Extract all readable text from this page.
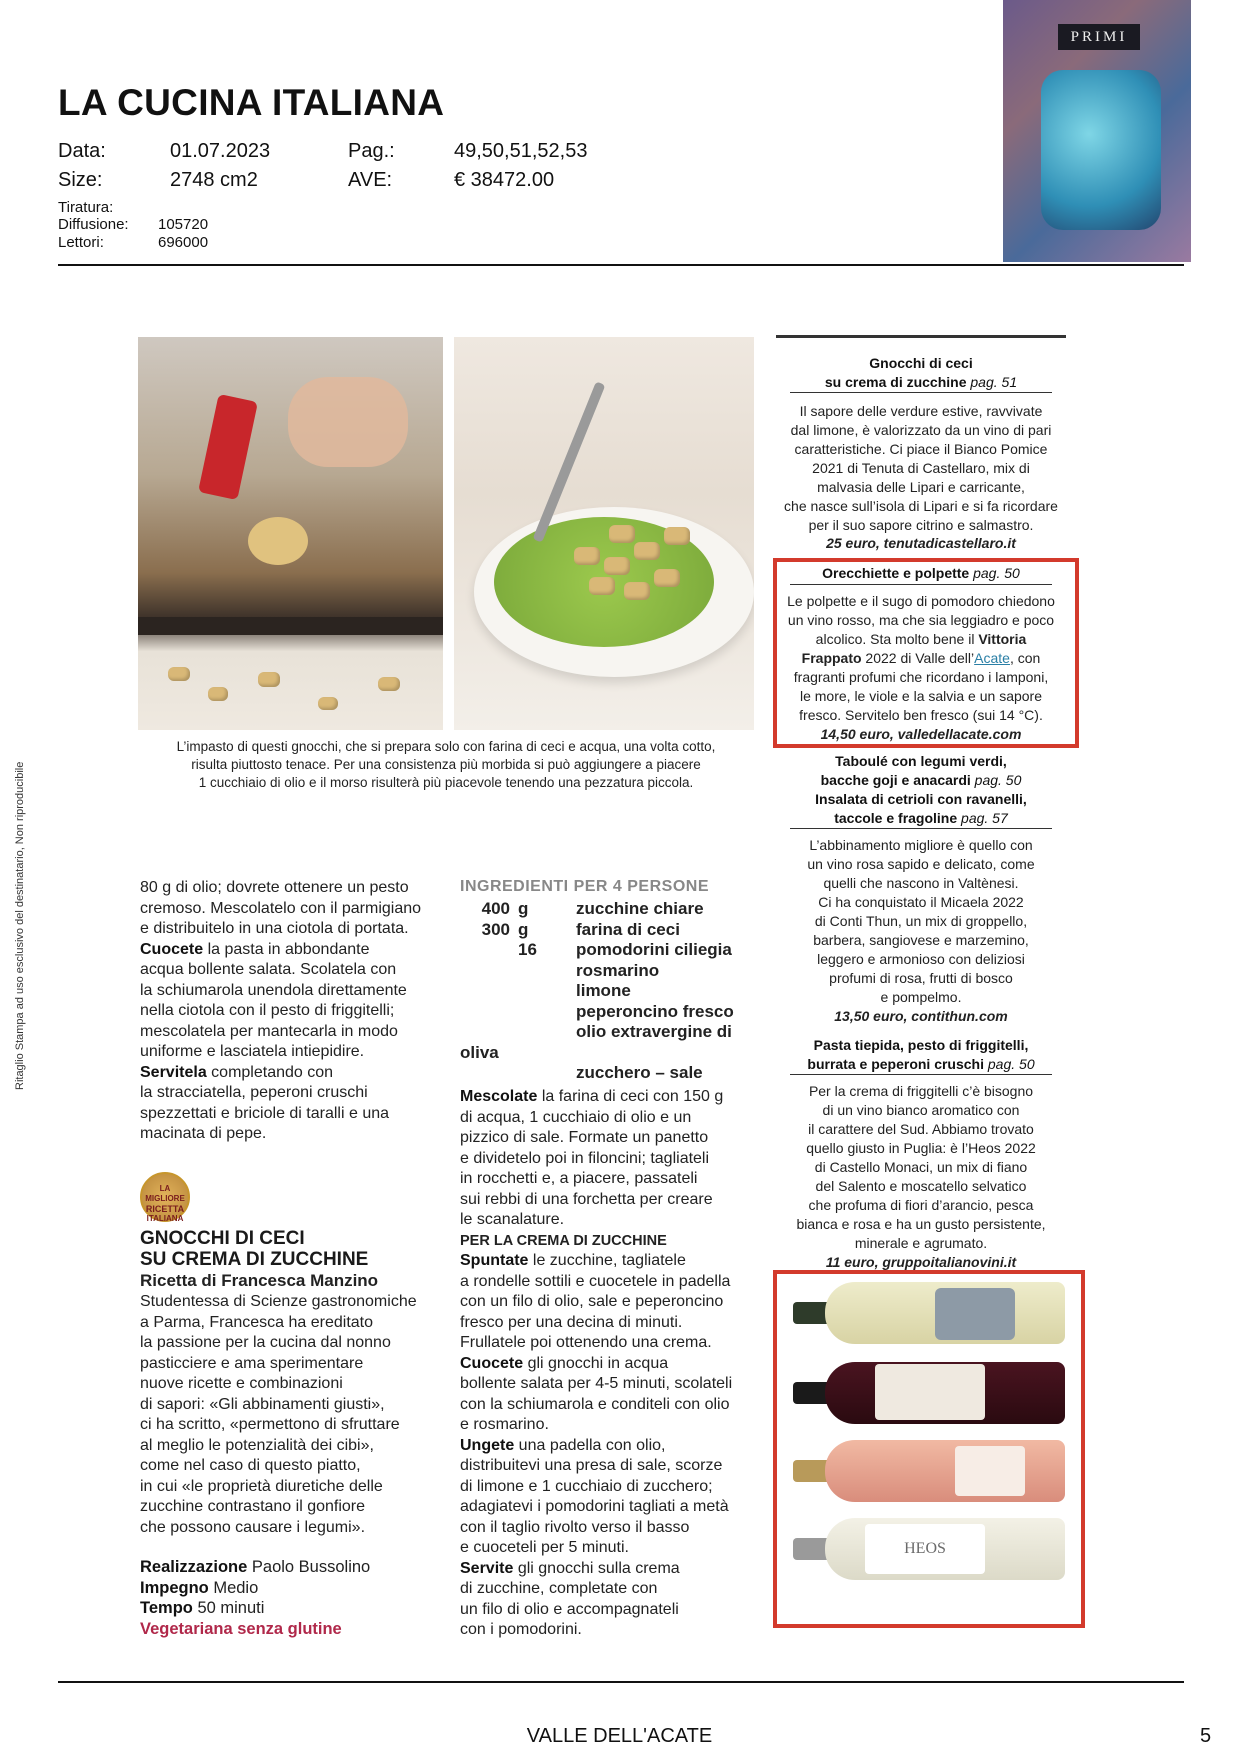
LA CUCINA ITALIANA
Data:	01.07.2023	Pag.:	49,50,51,52,53
Size:	2748 cm2	AVE:	€ 38472.00
Tiratura:
Diffusione: 105720
Lettori:	696000
PRIMI
Ritaglio Stampa ad uso esclusivo del destinatario, Non riproducibile
L’impasto di questi gnocchi, che si prepara solo con farina di ceci e acqua, una volta cotto,
risulta piuttosto tenace. Per una consistenza più morbida si può aggiungere a piacere
1 cucchiaio di olio e il morso risulterà più piacevole tenendo una pezzatura piccola.
80 g di olio; dovrete ottenere un pesto
cremoso. Mescolatelo con il parmigiano
e distribuitelo in una ciotola di portata.
Cuocete la pasta in abbondante
acqua bollente salata. Scolatela con
la schiumarola unendola direttamente
nella ciotola con il pesto di friggitelli;
mescolatela per mantecarla in modo
uniforme e lasciatela intiepidire.
Servitela completando con
la stracciatella, peperoni cruschi
spezzettati e briciole di taralli e una
macinata di pepe.
LA MIGLIORE
RICETTA
ITALIANA
GNOCCHI DI CECI
SU CREMA DI ZUCCHINE
Ricetta di Francesca Manzino
Studentessa di Scienze gastronomiche
a Parma, Francesca ha ereditato
la passione per la cucina dal nonno
pasticciere e ama sperimentare
nuove ricette e combinazioni
di sapori: «Gli abbinamenti giusti»,
ci ha scritto, «permettono di sfruttare
al meglio le potenzialità dei cibi»,
come nel caso di questo piatto,
in cui «le proprietà diuretiche delle
zucchine contrastano il gonfiore
che possono causare i legumi».
Realizzazione Paolo Bussolino
Impegno Medio
Tempo 50 minuti
Vegetariana senza glutine
INGREDIENTI PER 4 PERSONE
400 g	zucchine chiare
300 g	farina di ceci
16 pomodorini ciliegia
rosmarino
limone
peperoncino fresco
olio extravergine di oliva
zucchero – sale
Mescolate la farina di ceci con 150 g
di acqua, 1 cucchiaio di olio e un
pizzico di sale. Formate un panetto
e dividetelo poi in filoncini; tagliateli
in rocchetti e, a piacere, passateli
sui rebbi di una forchetta per creare
le scanalature.
PER LA CREMA DI ZUCCHINE
Spuntate le zucchine, tagliatele
a rondelle sottili e cuocetele in padella
con un filo di olio, sale e peperoncino
fresco per una decina di minuti.
Frullatele poi ottenendo una crema.
Cuocete gli gnocchi in acqua
bollente salata per 4-5 minuti, scolateli
con la schiumarola e conditeli con olio
e rosmarino.
Ungete una padella con olio,
distribuitevi una presa di sale, scorze
di limone e 1 cucchiaio di zucchero;
adagiatevi i pomodorini tagliati a metà
con il taglio rivolto verso il basso
e cuoceteli per 5 minuti.
Servite gli gnocchi sulla crema
di zucchine, completate con
un filo di olio e accompagnateli
con i pomodorini.
Gnocchi di ceci
su crema di zucchine pag. 51
Il sapore delle verdure estive, ravvivate
dal limone, è valorizzato da un vino di pari
caratteristiche. Ci piace il Bianco Pomice
2021 di Tenuta di Castellaro, mix di
malvasia delle Lipari e carricante,
che nasce sull’isola di Lipari e si fa ricordare
per il suo sapore citrino e salmastro.
25 euro, tenutadicastellaro.it
Orecchiette e polpette pag. 50
Le polpette e il sugo di pomodoro chiedono
un vino rosso, ma che sia leggiadro e poco
alcolico. Sta molto bene il Vittoria
Frappato 2022 di Valle dell’Acate, con
fragranti profumi che ricordano i lamponi,
le more, le viole e la salvia e un sapore
fresco. Servitelo ben fresco (sui 14 °C).
14,50 euro, valledellacate.com
Taboulé con legumi verdi,
bacche goji e anacardi pag. 50
Insalata di cetrioli con ravanelli,
taccole e fragoline pag. 57
L’abbinamento migliore è quello con
un vino rosa sapido e delicato, come
quelli che nascono in Valtènesi.
Ci ha conquistato il Micaela 2022
di Conti Thun, un mix di groppello,
barbera, sangiovese e marzemino,
leggero e armonioso con deliziosi
profumi di rosa, frutti di bosco
e pompelmo.
13,50 euro, contithun.com
Pasta tiepida, pesto di friggitelli,
burrata e peperoni cruschi pag. 50
Per la crema di friggitelli c’è bisogno
di un vino bianco aromatico con
il carattere del Sud. Abbiamo trovato
quello giusto in Puglia: è l’Heos 2022
di Castello Monaci, un mix di fiano
del Salento e moscatello selvatico
che profuma di fiori d’arancio, pesca
bianca e rosa e ha un gusto persistente,
minerale e agrumato.
11 euro, gruppoitalianovini.it
HEOS
VALLE DELL'ACATE	5
